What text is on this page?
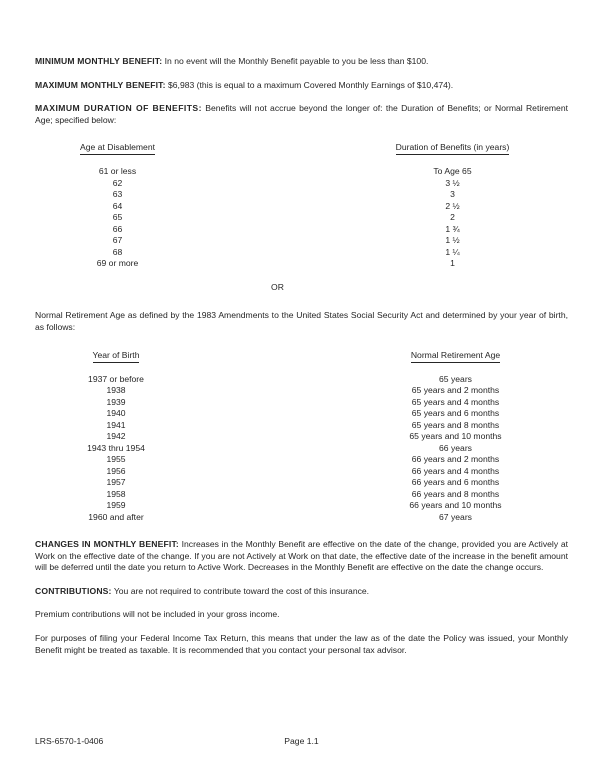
MINIMUM MONTHLY BENEFIT: In no event will the Monthly Benefit payable to you be less than $100.

MAXIMUM MONTHLY BENEFIT: $6,983 (this is equal to a maximum Covered Monthly Earnings of $10,474).

MAXIMUM DURATION OF BENEFITS: Benefits will not accrue beyond the longer of: the Duration of Benefits; or Normal Retirement Age; specified below:

Age at Disablement	Duration of Benefits (in years)
61 or less	To Age 65
62	3 ½
63	3
64	2 ½
65	2
66	1 ¾
67	1 ½
68	1 ¼
69 or more	1
OR

Normal Retirement Age as defined by the 1983 Amendments to the United States Social Security Act and determined by your year of birth, as follows:

Year of Birth	Normal Retirement Age
1937 or before	65 years
1938	65 years and 2 months
1939	65 years and 4 months
1940	65 years and 6 months
1941	65 years and 8 months
1942	65 years and 10 months
1943 thru 1954	66 years
1955	66 years and 2 months
1956	66 years and 4 months
1957	66 years and 6 months
1958	66 years and 8 months
1959	66 years and 10 months
1960 and after	67 years

CHANGES IN MONTHLY BENEFIT: Increases in the Monthly Benefit are effective on the date of the change, provided you are Actively at Work on the effective date of the change. If you are not Actively at Work on that date, the effective date of the increase in the benefit amount will be deferred until the date you return to Active Work. Decreases in the Monthly Benefit are effective on the date the change occurs.

CONTRIBUTIONS: You are not required to contribute toward the cost of this insurance.

Premium contributions will not be included in your gross income.

For purposes of filing your Federal Income Tax Return, this means that under the law as of the date the Policy was issued, your Monthly Benefit might be treated as taxable. It is recommended that you contact your personal tax advisor.

LRS-6570-1-0406	Page 1.1
